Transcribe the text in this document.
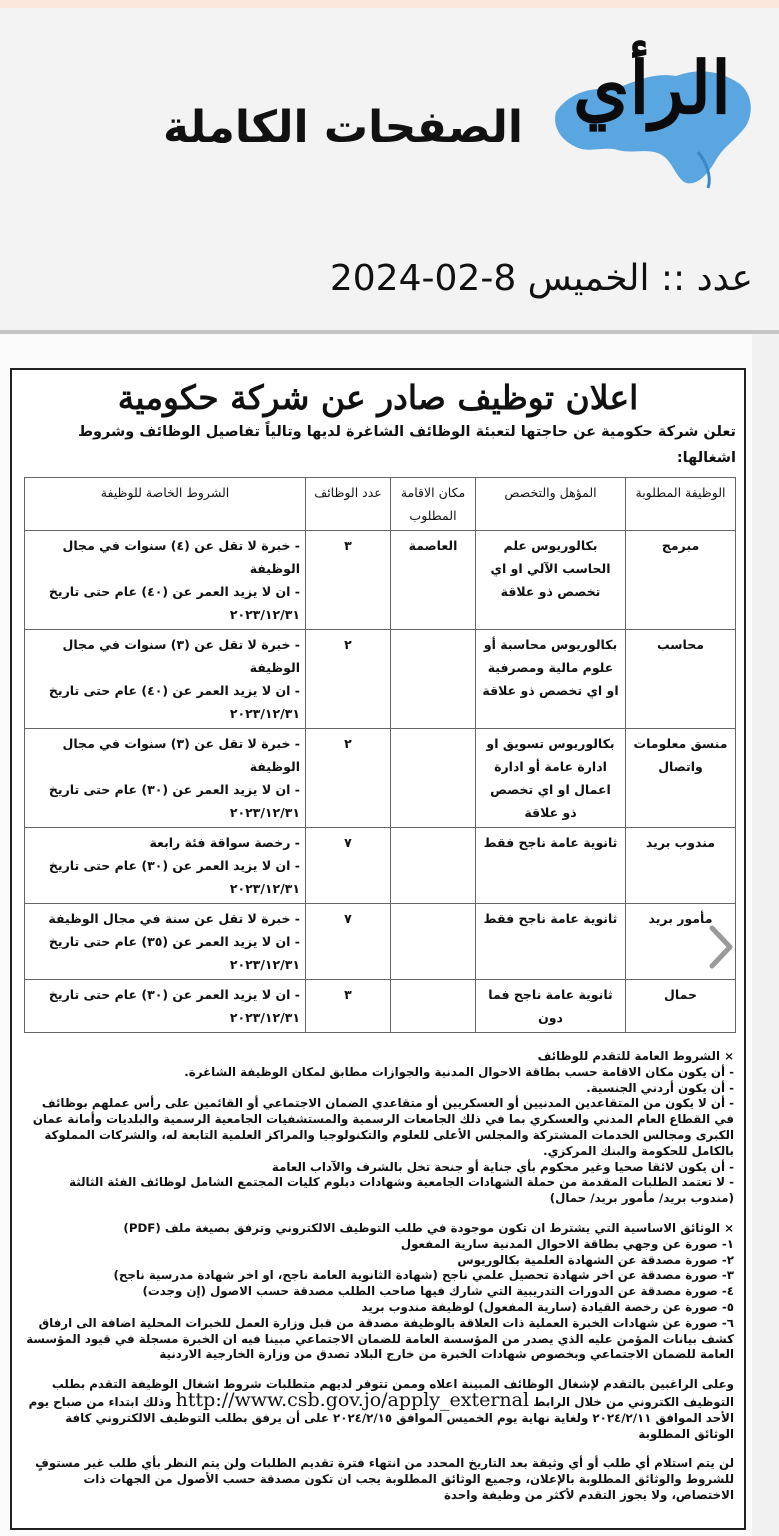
الرأي
الصفحات الكاملة
عدد :: الخميس 8-02-2024
اعلان توظيف صادر عن شركة حكومية
تعلن شركة حكومية عن حاجتها لتعبئة الوظائف الشاغرة لديها وتالياً تفاصيل الوظائف وشروط اشغالها:
الوظيفة المطلوبة	المؤهل والتخصص	مكان الاقامة المطلوب	عدد الوظائف	الشروط الخاصة للوظيفة
مبرمج	بكالوريوس علم الحاسب الآلي او اي تخصص ذو علاقة	العاصمة	٣	- خبرة لا تقل عن (٤) سنوات في مجال الوظيفة
- ان لا يزيد العمر عن (٤٠) عام حتى تاريخ ٢٠٢٣/١٢/٣١
محاسب	بكالوريوس محاسبة أو علوم مالية ومصرفية او اي تخصص ذو علاقة		٢	- خبرة لا تقل عن (٣) سنوات في مجال الوظيفة
- ان لا يزيد العمر عن (٤٠) عام حتى تاريخ ٢٠٢٣/١٢/٣١
منسق معلومات واتصال	بكالوريوس تسويق او ادارة عامة أو ادارة اعمال او اي تخصص ذو علاقة		٢	- خبرة لا تقل عن (٣) سنوات في مجال الوظيفة
- ان لا يزيد العمر عن (٣٠) عام حتى تاريخ ٢٠٢٣/١٢/٣١
مندوب بريد	ثانوية عامة ناجح فقط		٧	- رخصة سواقة فئة رابعة
- ان لا يزيد العمر عن (٣٠) عام حتى تاريخ ٢٠٢٣/١٢/٣١
مأمور بريد	ثانوية عامة ناجح فقط		٧	- خبرة لا تقل عن سنة في مجال الوظيفة
- ان لا يزيد العمر عن (٣٥) عام حتى تاريخ ٢٠٢٣/١٢/٣١
حمال	ثانوية عامة ناجح فما دون		٣	- ان لا يزيد العمر عن (٣٠) عام حتى تاريخ ٢٠٢٣/١٢/٣١

× الشروط العامة للتقدم للوظائف

- أن يكون مكان الاقامة حسب بطاقة الاحوال المدنية والجوازات مطابق لمكان الوظيفة الشاغرة.

- أن يكون أردني الجنسية.

- أن لا يكون من المتقاعدين المدنيين أو العسكريين أو متقاعدي الضمان الاجتماعي أو القائمين على رأس عملهم بوظائف في القطاع العام المدني والعسكري بما في ذلك الجامعات الرسمية والمستشفيات الجامعية الرسمية والبلديات وأمانة عمان الكبرى ومجالس الخدمات المشتركة والمجلس الأعلى للعلوم والتكنولوجيا والمراكز العلمية التابعة له، والشركات المملوكة بالكامل للحكومة والبنك المركزي.

- أن يكون لائقا صحيا وغير محكوم بأي جناية أو جنحة تخل بالشرف والآداب العامة

- لا تعتمد الطلبات المقدمة من حملة الشهادات الجامعية وشهادات دبلوم كليات المجتمع الشامل لوظائف الفئة الثالثة (مندوب بريد/ مأمور بريد/ حمال)

× الوثائق الاساسية التي يشترط ان تكون موجودة في طلب التوظيف الالكتروني وترفق بصيغة ملف (PDF)

١- صورة عن وجهي بطاقة الاحوال المدنية سارية المفعول

٢- صورة مصدقة عن الشهادة العلمية بكالوريوس

٣- صورة مصدقة عن اخر شهادة تحصيل علمي ناجح (شهادة الثانوية العامة ناجح، او اخر شهادة مدرسية ناجح)

٤- صورة مصدقة عن الدورات التدريبية التي شارك فيها صاحب الطلب مصدقة حسب الاصول (إن وجدت)

٥- صورة عن رخصة القيادة (سارية المفعول) لوظيفة مندوب بريد

٦- صورة عن شهادات الخبرة العملية ذات العلاقة بالوظيفة مصدقة من قبل وزارة العمل للخبرات المحلية اضافة الى ارفاق كشف بيانات المؤمن عليه الذي يصدر من المؤسسة العامة للضمان الاجتماعي مبينا فيه ان الخبرة مسجلة في قيود المؤسسة العامة للضمان الاجتماعي وبخصوص شهادات الخبرة من خارج البلاد تصدق من وزارة الخارجية الاردنية

وعلى الراغبين بالتقدم لإشغال الوظائف المبينة اعلاه وممن تتوفر لديهم متطلبات شروط اشغال الوظيفة التقدم بطلب التوظيف الكتروني من خلال الرابط http://www.csb.gov.jo/apply_external وذلك ابتداء من صباح يوم الأحد الموافق ٢٠٢٤/٢/١١ ولغاية نهاية يوم الخميس الموافق ٢٠٢٤/٢/١٥ على أن يرفق بطلب التوظيف الالكتروني كافة الوثائق المطلوبة

لن يتم استلام أي طلب أو أي وثيقة بعد التاريخ المحدد من انتهاء فترة تقديم الطلبات ولن يتم النظر بأي طلب غير مستوفٍ للشروط والوثائق المطلوبة بالإعلان، وجميع الوثائق المطلوبة يجب ان تكون مصدقة حسب الأصول من الجهات ذات الاختصاص، ولا يجوز التقدم لأكثر من وظيفة واحدة
